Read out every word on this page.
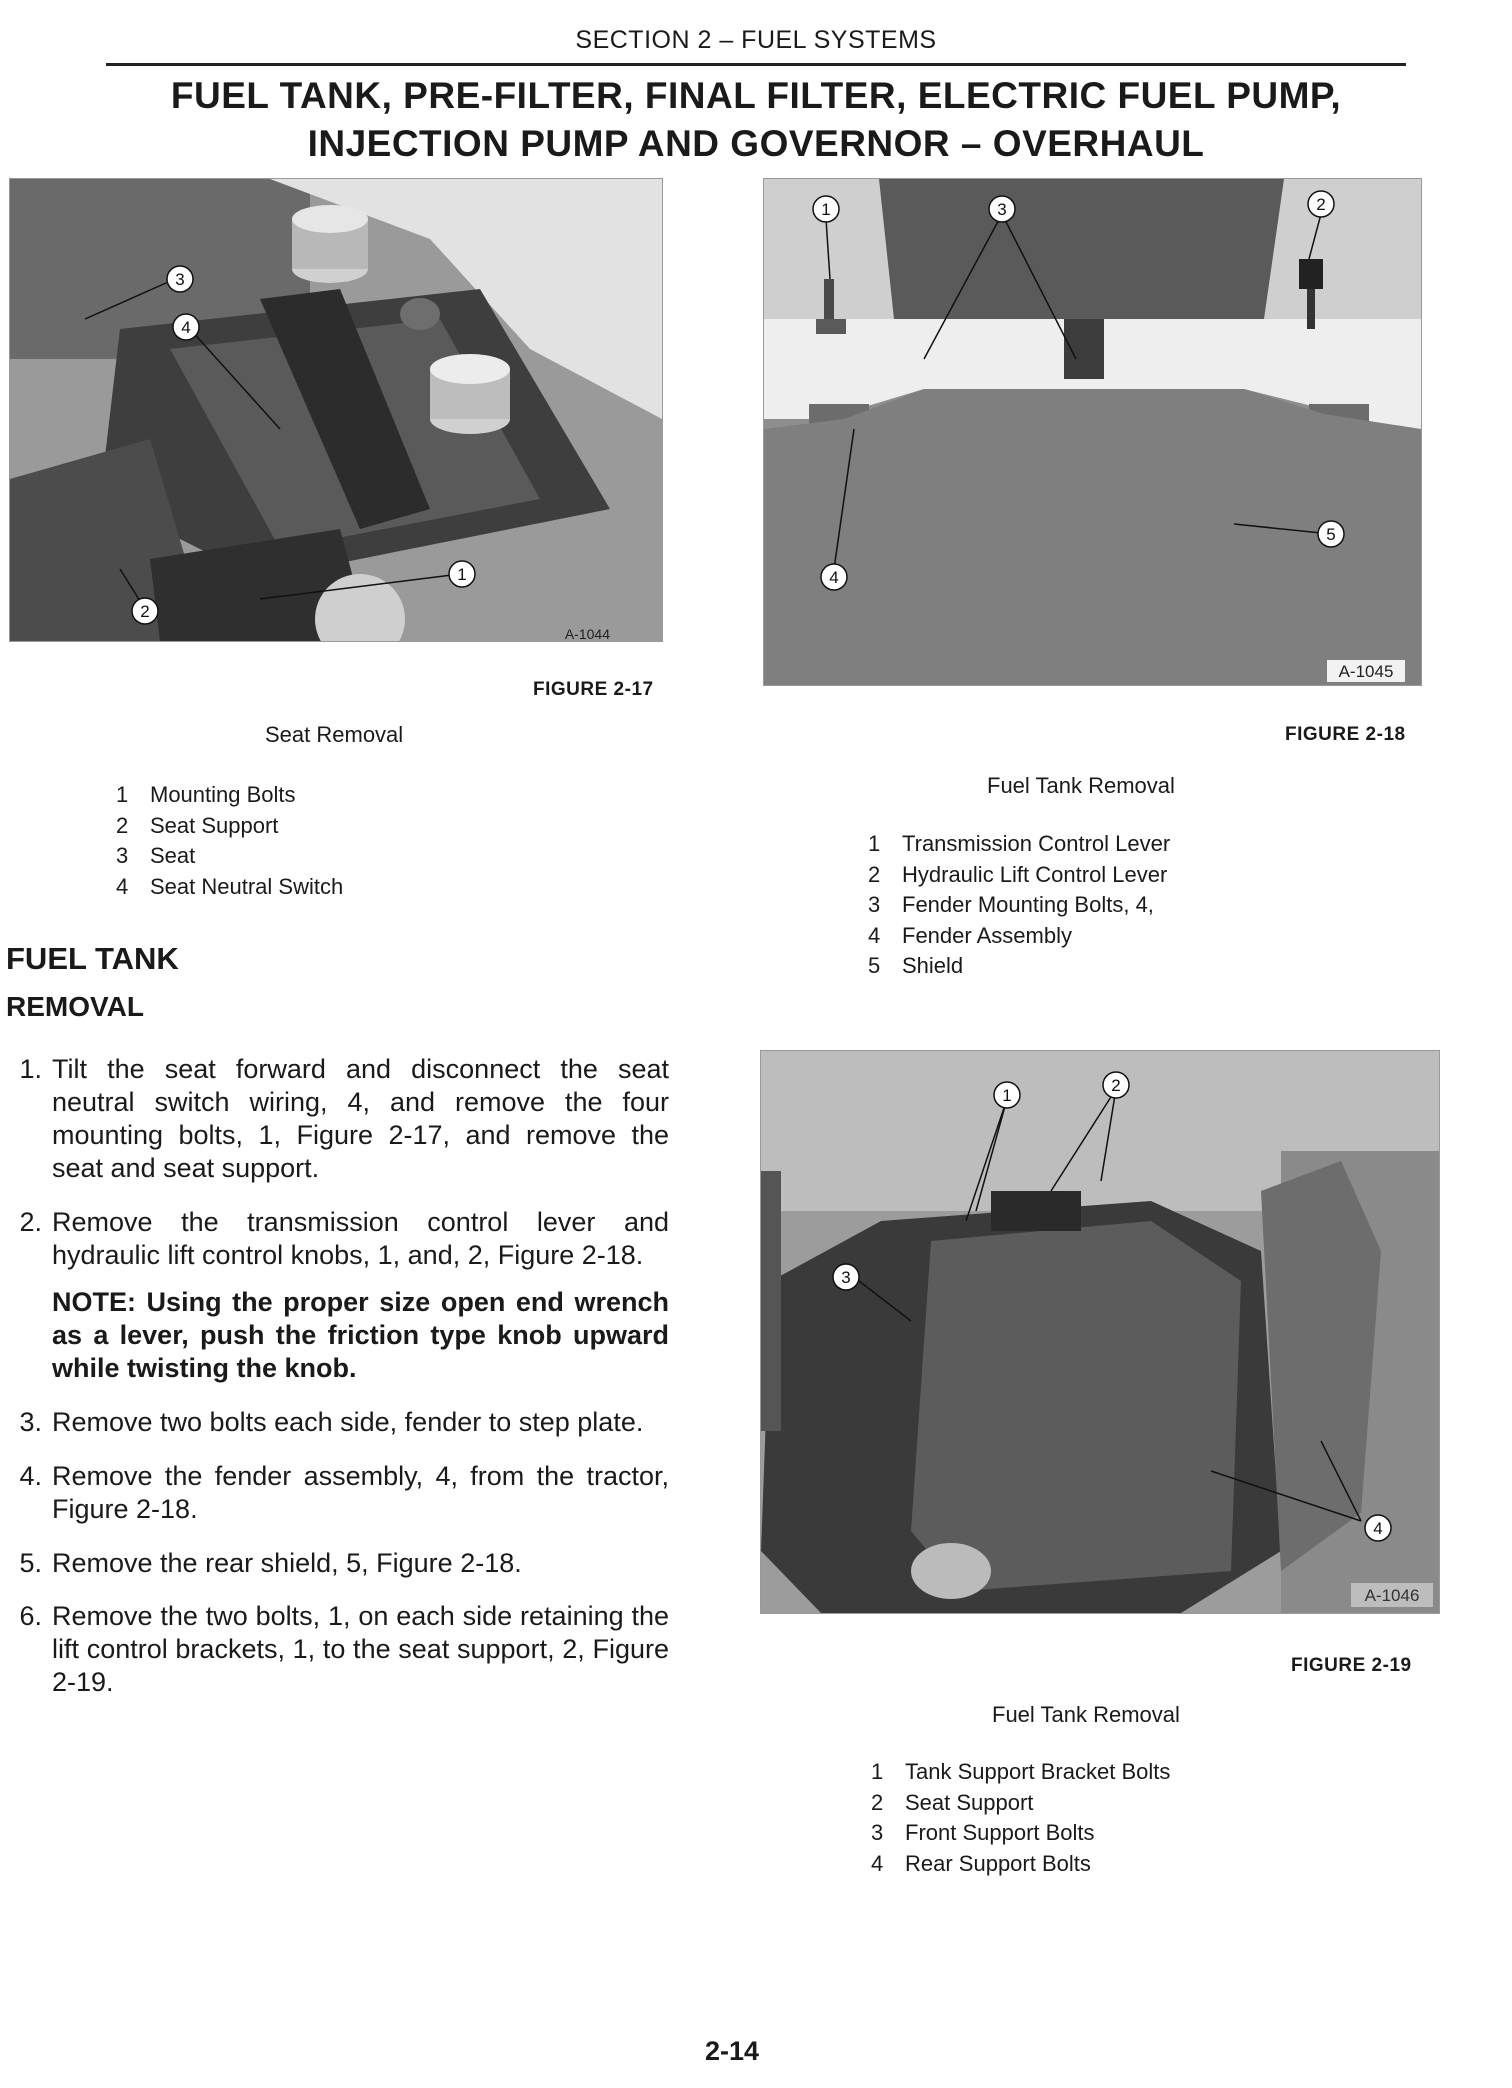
SECTION 2 – FUEL SYSTEMS
FUEL TANK, PRE-FILTER, FINAL FILTER, ELECTRIC FUEL PUMP,
INJECTION PUMP AND GOVERNOR – OVERHAUL
3
4
1
2
A-1044
FIGURE 2-17
Seat Removal
1 Mounting Bolts
2 Seat Support
3 Seat
4 Seat Neutral Switch
1	3	2
4
5
A-1045
FIGURE 2-18
Fuel Tank Removal
1 Transmission Control Lever
2 Hydraulic Lift Control Lever
3 Fender Mounting Bolts, 4,
4 Fender Assembly
5 Shield
FUEL TANK
REMOVAL
1. Tilt the seat forward and disconnect the seat neutral switch wiring, 4, and remove the four mounting bolts, 1, Figure 2-17, and remove the seat and seat support.
2. Remove the transmission control lever and hydraulic lift control knobs, 1, and, 2, Figure 2-18.
NOTE: Using the proper size open end wrench as a lever, push the friction type knob upward while twisting the knob.
3. Remove two bolts each side, fender to step plate.
4. Remove the fender assembly, 4, from the tractor, Figure 2-18.
5. Remove the rear shield, 5, Figure 2-18.
6. Remove the two bolts, 1, on each side retaining the lift control brackets, 1, to the seat support, 2, Figure 2-19.
1
2
3
4
A-1046
FIGURE 2-19
Fuel Tank Removal
1 Tank Support Bracket Bolts
2 Seat Support
3 Front Support Bolts
4 Rear Support Bolts
2-14
